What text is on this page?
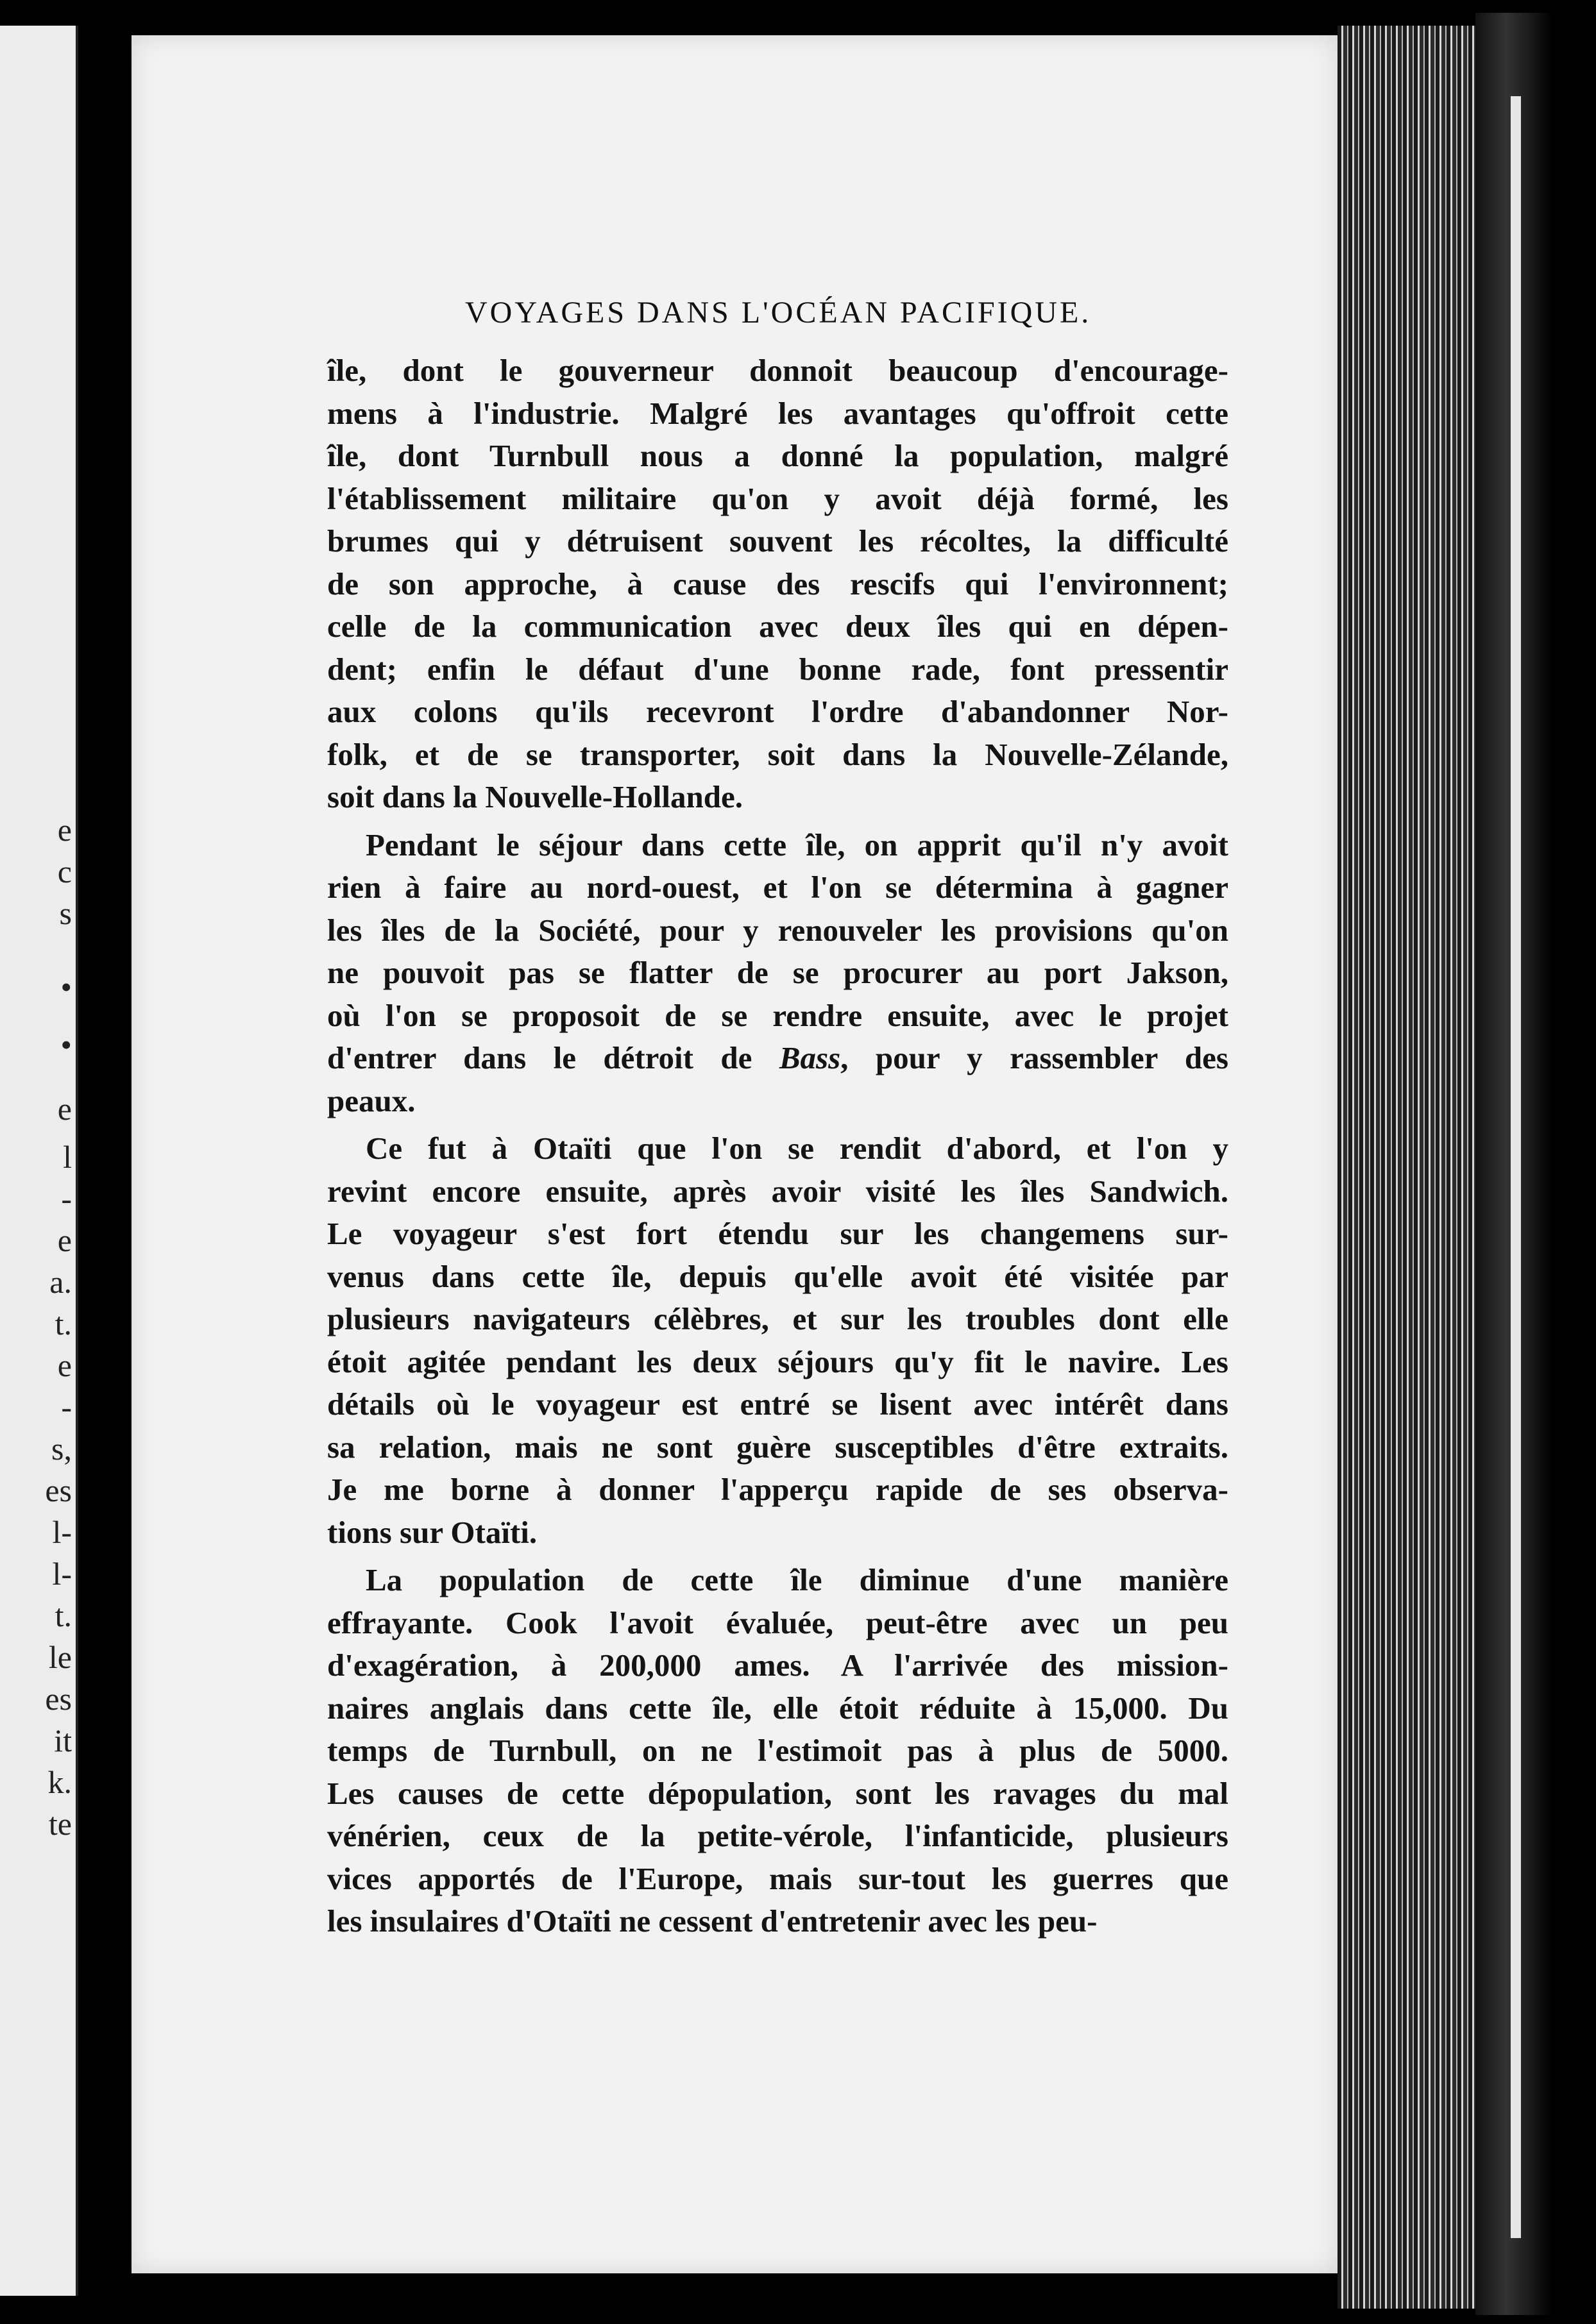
e
c
s
•
•
e
l
-
e
a.
t.
e
-
s,
es
l-
l-
t.
le
es
it
k.
te
VOYAGES DANS L'OCÉAN PACIFIQUE.
île, dont le gouverneur donnoit beaucoup d'encourage-
mens à l'industrie. Malgré les avantages qu'offroit cette
île, dont Turnbull nous a donné la population, malgré
l'établissement militaire qu'on y avoit déjà formé, les
brumes qui y détruisent souvent les récoltes, la difficulté
de son approche, à cause des rescifs qui l'environnent;
celle de la communication avec deux îles qui en dépen-
dent; enfin le défaut d'une bonne rade, font pressentir
aux colons qu'ils recevront l'ordre d'abandonner Nor-
folk, et de se transporter, soit dans la Nouvelle-Zélande,
soit dans la Nouvelle-Hollande.
Pendant le séjour dans cette île, on apprit qu'il n'y avoit
rien à faire au nord-ouest, et l'on se détermina à gagner
les îles de la Société, pour y renouveler les provisions qu'on
ne pouvoit pas se flatter de se procurer au port Jakson,
où l'on se proposoit de se rendre ensuite, avec le projet
d'entrer dans le détroit de Bass, pour y rassembler des
peaux.
Ce fut à Otaïti que l'on se rendit d'abord, et l'on y
revint encore ensuite, après avoir visité les îles Sandwich.
Le voyageur s'est fort étendu sur les changemens sur-
venus dans cette île, depuis qu'elle avoit été visitée par
plusieurs navigateurs célèbres, et sur les troubles dont elle
étoit agitée pendant les deux séjours qu'y fit le navire. Les
détails où le voyageur est entré se lisent avec intérêt dans
sa relation, mais ne sont guère susceptibles d'être extraits.
Je me borne à donner l'apperçu rapide de ses observa-
tions sur Otaïti.
La population de cette île diminue d'une manière
effrayante. Cook l'avoit évaluée, peut-être avec un peu
d'exagération, à 200,000 ames. A l'arrivée des mission-
naires anglais dans cette île, elle étoit réduite à 15,000. Du
temps de Turnbull, on ne l'estimoit pas à plus de 5000.
Les causes de cette dépopulation, sont les ravages du mal
vénérien, ceux de la petite-vérole, l'infanticide, plusieurs
vices apportés de l'Europe, mais sur-tout les guerres que
les insulaires d'Otaïti ne cessent d'entretenir avec les peu-
